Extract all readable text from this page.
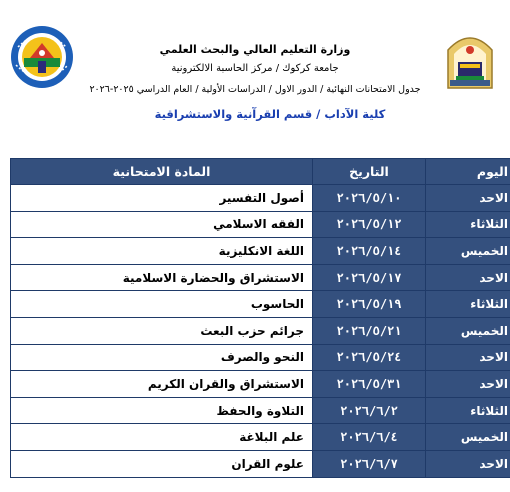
وزارة التعليم العالي والبحث العلمي
جامعة كركوك / مركز الحاسبة الالكترونية
جدول الامتحانات النهائية / الدور الاول / الدراسات الأولية / العام الدراسي ٢٠٢٥-٢٠٢٦
كلية الآداب / قسم القرآنية والاستشراقية
اليوم	التاريخ	المادة الامتحانية
الاحد	٢٠٢٦/٥/١٠	أصول التفسير
الثلاثاء	٢٠٢٦/٥/١٢	الفقه الاسلامي
الخميس	٢٠٢٦/٥/١٤	اللغة الانكليزية
الاحد	٢٠٢٦/٥/١٧	الاستشراق والحضارة الاسلامية
الثلاثاء	٢٠٢٦/٥/١٩	الحاسوب
الخميس	٢٠٢٦/٥/٢١	جرائم حزب البعث
الاحد	٢٠٢٦/٥/٢٤	النحو والصرف
الاحد	٢٠٢٦/٥/٣١	الاستشراق والقران الكريم
الثلاثاء	٢٠٢٦/٦/٢	التلاوة والحفظ
الخميس	٢٠٢٦/٦/٤	علم البلاغة
الاحد	٢٠٢٦/٦/٧	علوم القران
